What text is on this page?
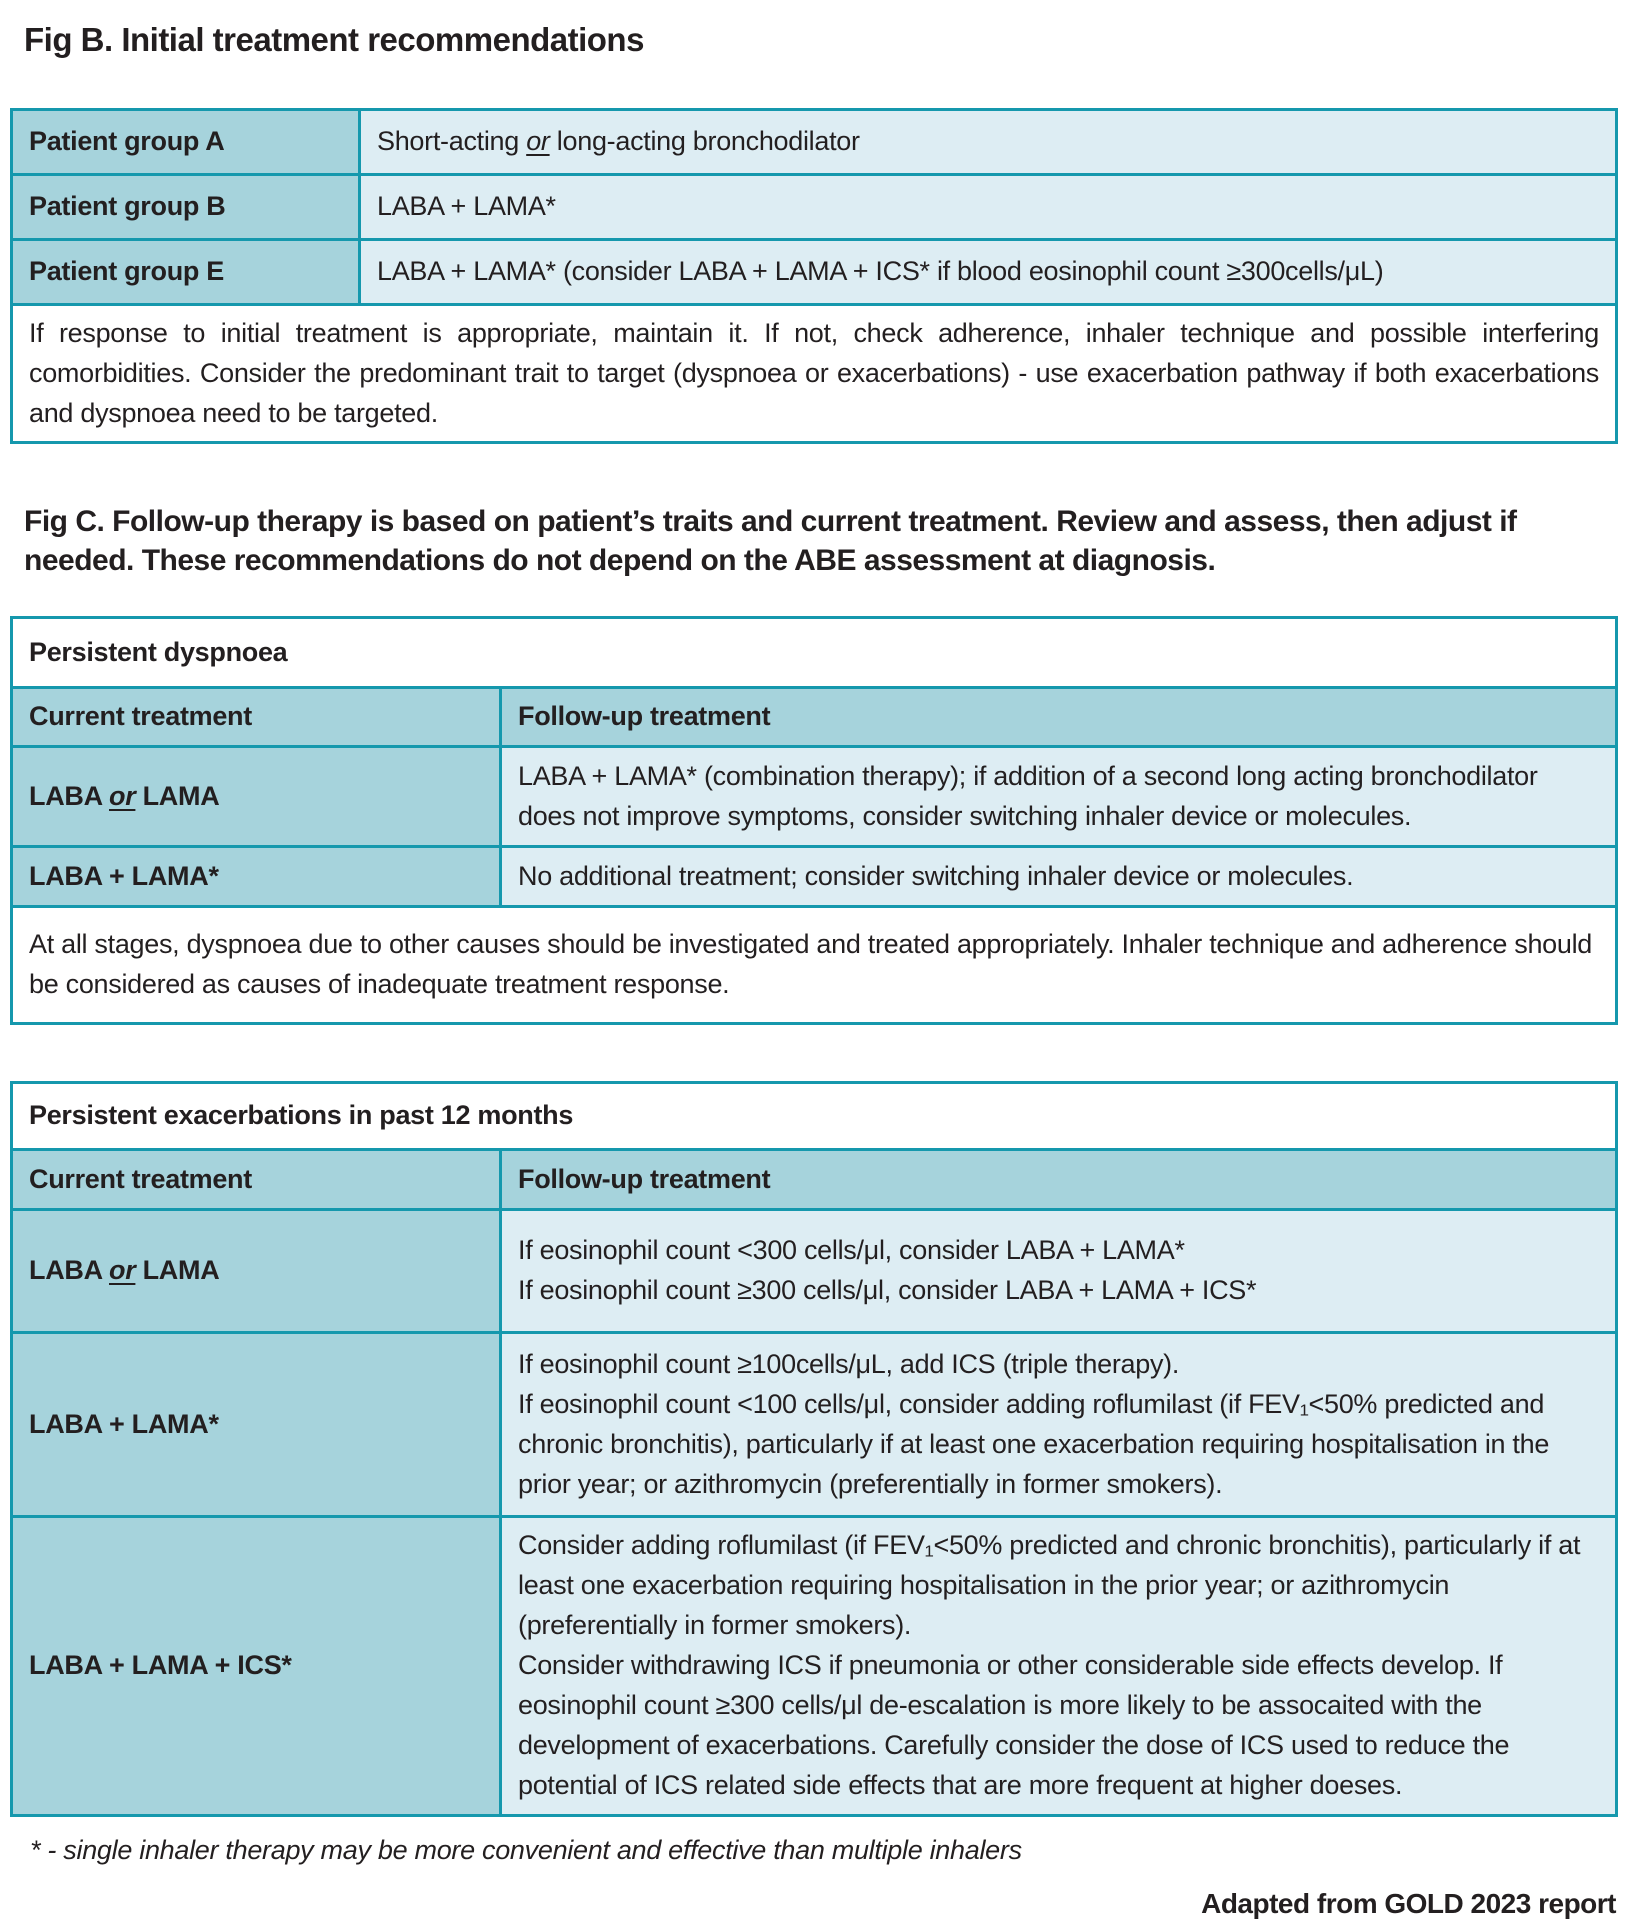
Fig B. Initial treatment recommendations
Patient group A	Short-acting or long-acting bronchodilator
Patient group B	LABA + LAMA*
Patient group E	LABA + LAMA* (consider LABA + LAMA + ICS* if blood eosinophil count ≥300cells/μL)
If response to initial treatment is appropriate, maintain it. If not, check adherence, inhaler technique and possible interfering comorbidities. Consider the predominant trait to target (dyspnoea or exacerbations) - use exacerbation pathway if both exacerbations and dyspnoea need to be targeted.	
Fig C. Follow-up therapy is based on patient’s traits and current treatment. Review and assess, then adjust if needed. These recommendations do not depend on the ABE assessment at diagnosis.
Persistent dyspnoea	
Current treatment	Follow-up treatment
LABA or LAMA	LABA + LAMA* (combination therapy); if addition of a second long acting bronchodilator does not improve symptoms, consider switching inhaler device or molecules.

LABA + LAMA*	No additional treatment; consider switching inhaler device or molecules.

At all stages, dyspnoea due to other causes should be investigated and treated appropriately. Inhaler technique and adherence should be considered as causes of inadequate treatment response.	
Persistent exacerbations in past 12 months	
Current treatment	Follow-up treatment
LABA or LAMA	If eosinophil count <300 cells/μl, consider LABA + LAMA*

If eosinophil count ≥300 cells/μl, consider LABA + LAMA + ICS*

LABA + LAMA*	If eosinophil count ≥100cells/μL, add ICS (triple therapy).

If eosinophil count <100 cells/μl, consider adding roflumilast (if FEV₁<50% predicted and chronic bronchitis), particularly if at least one exacerbation requiring hospitalisation in the prior year; or azithromycin (preferentially in former smokers).

LABA + LAMA + ICS*	Consider adding roflumilast (if FEV₁<50% predicted and chronic bronchitis), particularly if at least one exacerbation requiring hospitalisation in the prior year; or azithromycin (preferentially in former smokers).

Consider withdrawing ICS if pneumonia or other considerable side effects develop. If eosinophil count ≥300 cells/μl de-escalation is more likely to be assocaited with the development of exacerbations. Carefully consider the dose of ICS used to reduce the potential of ICS related side effects that are more frequent at higher doeses.

* - single inhaler therapy may be more convenient and effective than multiple inhalers
Adapted from GOLD 2023 report
